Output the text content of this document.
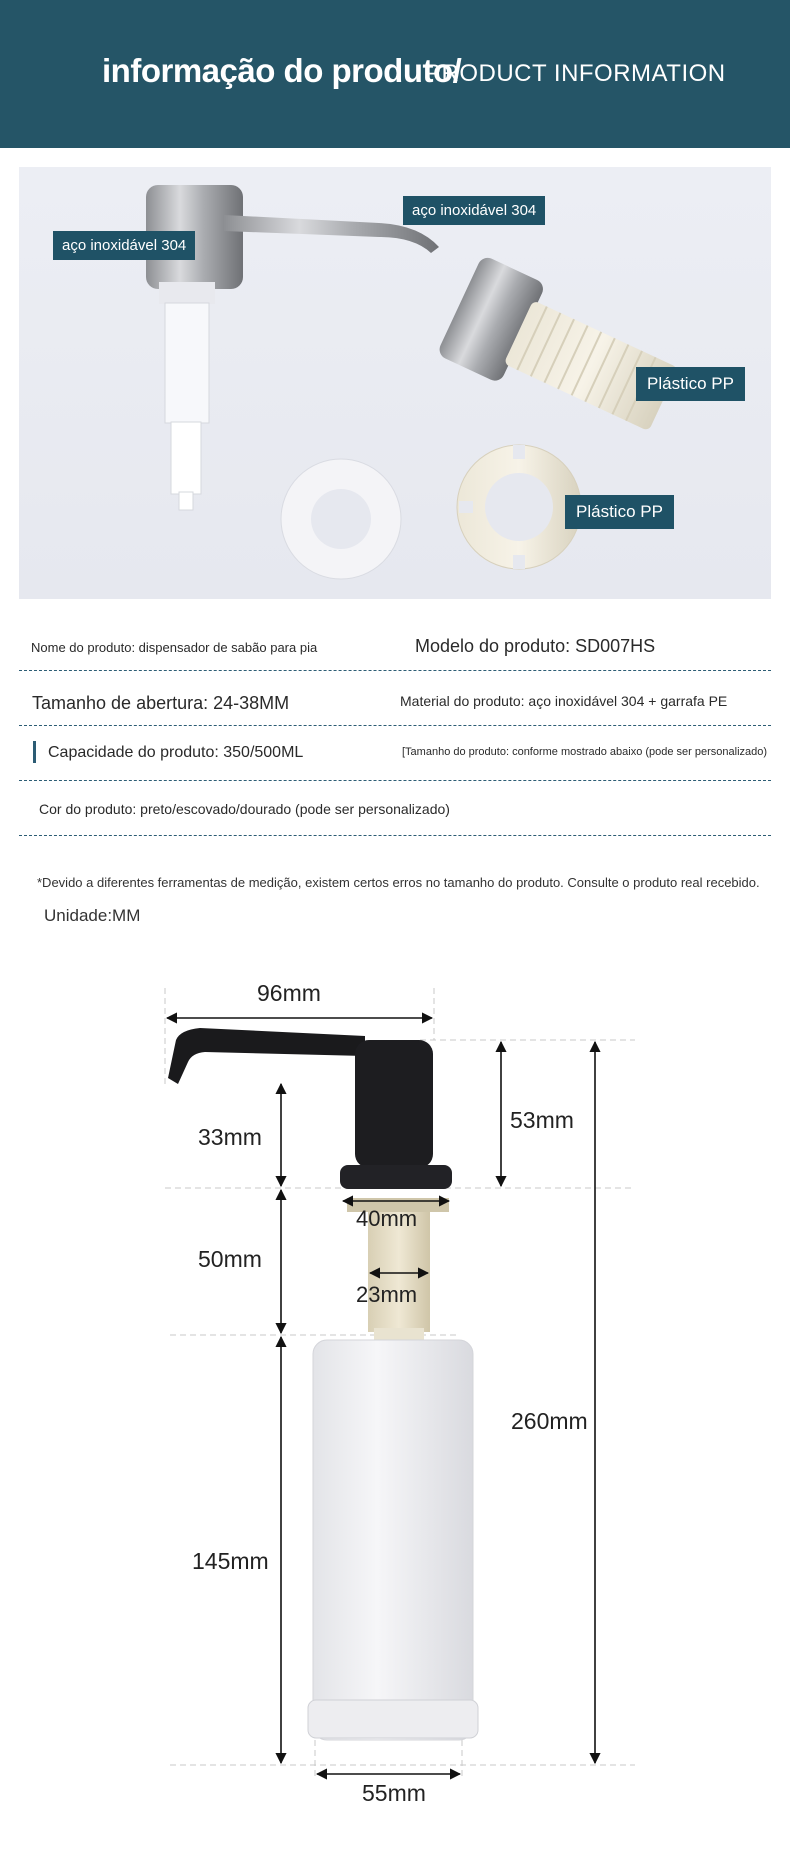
informação do produto/
PRODUCT INFORMATION
aço inoxidável 304
aço inoxidável 304
Plástico PP
Plástico PP
Nome do produto: dispensador de sabão para pia	Modelo do produto: SD007HS
Tamanho de abertura: 24-38MM	Material do produto: aço inoxidável 304 + garrafa PE
Capacidade do produto: 350/500ML	[Tamanho do produto: conforme mostrado abaixo (pode ser personalizado)
Cor do produto: preto/escovado/dourado (pode ser personalizado)
*Devido a diferentes ferramentas de medição, existem certos erros no tamanho do produto. Consulte o produto real recebido.
Unidade:MM
96mm
53mm
33mm
40mm
50mm
23mm
260mm
145mm
55mm
